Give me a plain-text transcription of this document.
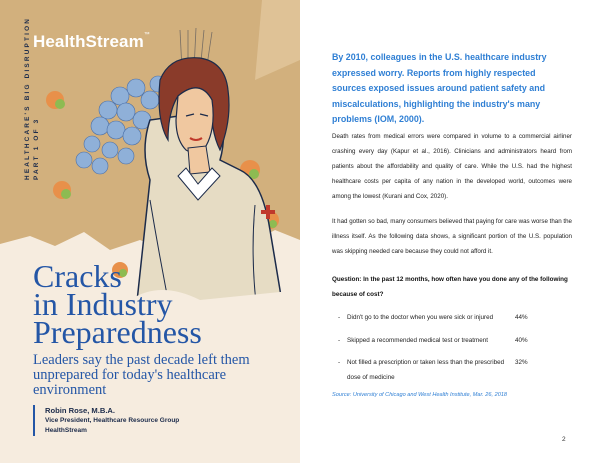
HealthStream™
HEALTHCARE'S BIG DISRUPTION PART 1 OF 3
Cracks
in Industry
Preparedness
Leaders say the past decade left them unprepared for today's healthcare environment
Robin Rose, M.B.A.
Vice President, Healthcare Resource Group
HealthStream
By 2010, colleagues in the U.S. healthcare industry expressed worry. Reports from highly respected sources exposed issues around patient safety and miscalculations, highlighting the industry's many problems (IOM, 2000).
Death rates from medical errors were compared in volume to a commercial airliner crashing every day (Kapur et al., 2016). Clinicians and administrators heard from patients about the affordability and quality of care. While the U.S. had the highest healthcare costs per capita of any nation in the developed world, outcomes were among the lowest (Kurani and Cox, 2020).
It had gotten so bad, many consumers believed that paying for care was worse than the illness itself. As the following data shows, a significant portion of the U.S. population was skipping needed care because they could not afford it.
Question: In the past 12 months, how often have you done any of the following because of cost?
- Didn't go to the doctor when you were sick or injured	44%
- Skipped a recommended medical test or treatment	40%
- Not filled a prescription or taken less than the prescribed dose of medicine
32%
Source: University of Chicago and West Health Institute, Mar. 26, 2018
2
